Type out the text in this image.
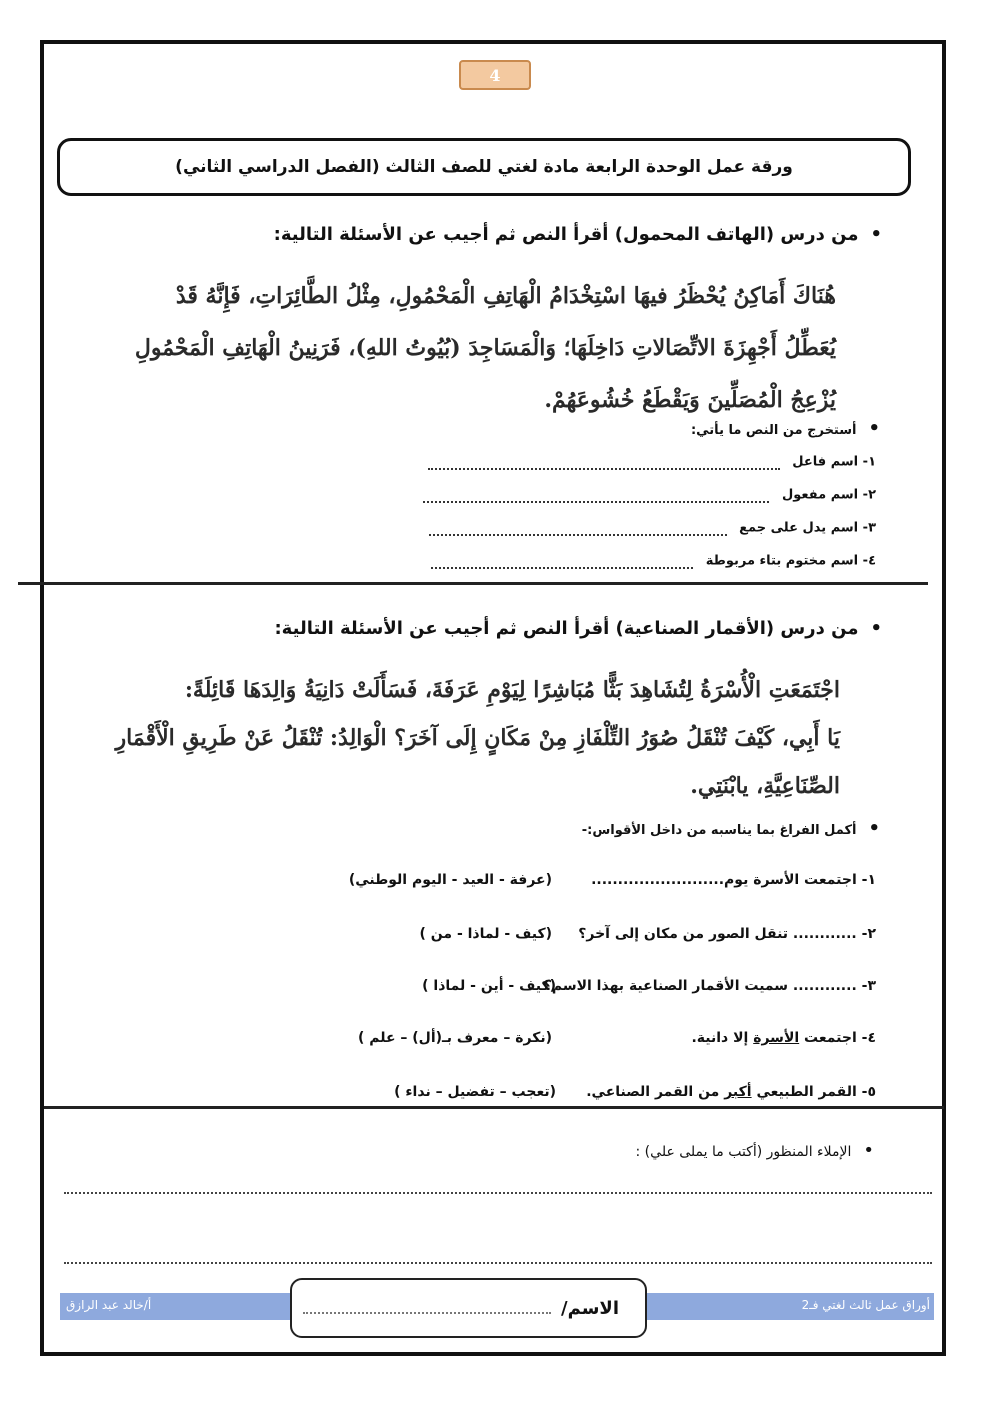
4
ورقة عمل الوحدة الرابعة مادة لغتي للصف الثالث (الفصل الدراسي الثاني)
• من درس (الهاتف المحمول) أقرأ النص ثم أجيب عن الأسئلة التالية:
هُنَاكَ أَمَاكِنُ يُحْظَرُ فيهَا اسْتِخْدَامُ الْهَاتِفِ الْمَحْمُولِ، مِثْلُ الطَّائِرَاتِ، فَإِنَّهُ قَدْ
يُعَطِّلُ أَجْهِزَةَ الاتِّصَالاتِ دَاخِلَهَا؛ وَالْمَسَاجِدَ (بُيُوتُ اللهِ)، فَرَنِينُ الْهَاتِفِ الْمَحْمُولِ
يُزْعِجُ الْمُصَلِّينَ وَيَقْطَعُ خُشُوعَهُمْ.
• أستخرج من النص ما يأتي:
١- اسم فاعل
٢- اسم مفعول
٣- اسم يدل على جمع
٤- اسم مختوم بتاء مربوطة
• من درس (الأقمار الصناعية) أقرأ النص ثم أجيب عن الأسئلة التالية:
اجْتَمَعَتِ الْأُسْرَةُ لِتُشَاهِدَ بَثًّا مُبَاشِرًا لِيَوْمِ عَرَفَةَ، فَسَأَلَتْ دَانِيَةُ وَالِدَهَا قَائِلَةً:
يَا أَبِي، كَيْفَ تُنْقَلُ صُوَرُ التِّلْفَازِ مِنْ مَكَانٍ إِلَى آخَرَ؟ الْوَالِدُ: تُنْقَلُ عَنْ طَرِيقِ الْأَقْمَارِ
الصِّنَاعِيَّةِ، يابْنَتِي.
• أكمل الفراغ بما يناسبه من داخل الأقواس:-
١- اجتمعت الأسرة يوم.........................
(عرفة - العيد - اليوم الوطني)
٢- ............ تنقل الصور من مكان إلى آخر؟
(كيف - لماذا - من )
٣- ............ سميت الأقمار الصناعية بهذا الاسم؟
(كيف - أين - لماذا )
٤- اجتمعت الأسرة إلا دانية.
(نكرة – معرف بـ(أل) – علم )
٥- القمر الطبيعي أكبر من القمر الصناعي.
(تعجب – تفضيل – نداء )
• الإملاء المنظور (أكتب ما يملى علي) :
أ/خالد عبد الرازق	أوراق عمل ثالث لغتي فـ2
الاسم/
